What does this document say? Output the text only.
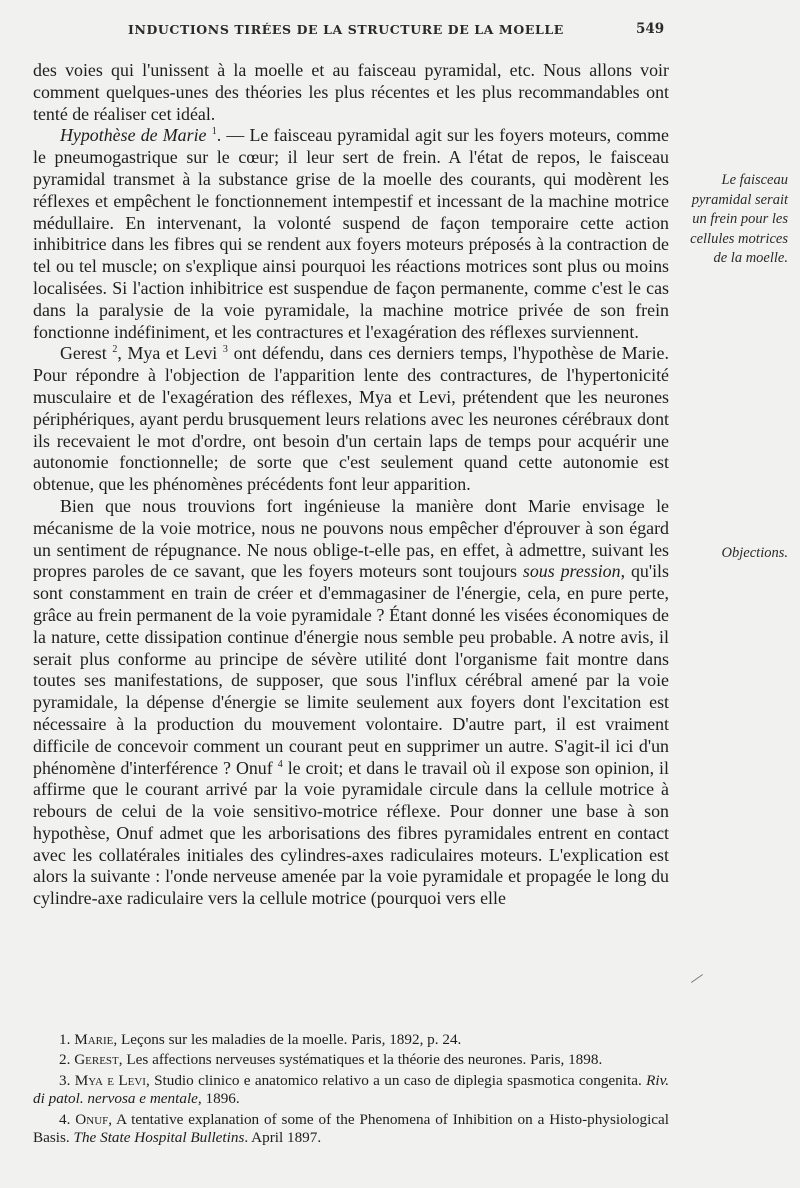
INDUCTIONS TIRÉES DE LA STRUCTURE DE LA MOELLE	549

des voies qui l'unissent à la moelle et au faisceau pyramidal, etc. Nous allons voir comment quelques-unes des théories les plus récentes et les plus recommandables ont tenté de réaliser cet idéal.

Hypothèse de Marie $^1$. — Le faisceau pyramidal agit sur les foyers moteurs, comme le pneumogastrique sur le cœur; il leur sert de frein. A l'état de repos, le faisceau pyramidal transmet à la substance grise de la moelle des courants, qui modèrent les réflexes et empêchent le fonctionnement intempestif et incessant de la machine motrice médullaire. En intervenant, la volonté suspend de façon temporaire cette action inhibitrice dans les fibres qui se rendent aux foyers moteurs préposés à la contraction de tel ou tel muscle; on s'explique ainsi pourquoi les réactions motrices sont plus ou moins localisées. Si l'action inhibitrice est suspendue de façon permanente, comme c'est le cas dans la paralysie de la voie pyramidale, la machine motrice privée de son frein fonctionne indéfiniment, et les contractures et l'exagération des réflexes surviennent.

Gerest $^2$, Mya et Levi $^3$ ont défendu, dans ces derniers temps, l'hypothèse de Marie. Pour répondre à l'objection de l'apparition lente des contractures, de l'hypertonicité musculaire et de l'exagération des réflexes, Mya et Levi, prétendent que les neurones périphériques, ayant perdu brusquement leurs relations avec les neurones cérébraux dont ils recevaient le mot d'ordre, ont besoin d'un certain laps de temps pour acquérir une autonomie fonctionnelle; de sorte que c'est seulement quand cette autonomie est obtenue, que les phénomènes précédents font leur apparition.

Bien que nous trouvions fort ingénieuse la manière dont Marie envisage le mécanisme de la voie motrice, nous ne pouvons nous empêcher d'éprouver à son égard un sentiment de répugnance. Ne nous oblige-t-elle pas, en effet, à admettre, suivant les propres paroles de ce savant, que les foyers moteurs sont toujours sous pression, qu'ils sont constamment en train de créer et d'emmagasiner de l'énergie, cela, en pure perte, grâce au frein permanent de la voie pyramidale ? Étant donné les visées économiques de la nature, cette dissipation continue d'énergie nous semble peu probable. A notre avis, il serait plus conforme au principe de sévère utilité dont l'organisme fait montre dans toutes ses manifestations, de supposer, que sous l'influx cérébral amené par la voie pyramidale, la dépense d'énergie se limite seulement aux foyers dont l'excitation est nécessaire à la production du mouvement volontaire. D'autre part, il est vraiment difficile de concevoir comment un courant peut en supprimer un autre. S'agit-il ici d'un phénomène d'interférence ? Onuf $^4$ le croit; et dans le travail où il expose son opinion, il affirme que le courant arrivé par la voie pyramidale circule dans la cellule motrice à rebours de celui de la voie sensitivo-motrice réflexe. Pour donner une base à son hypothèse, Onuf admet que les arborisations des fibres pyramidales entrent en contact avec les collatérales initiales des cylindres-axes radiculaires moteurs. L'explication est alors la suivante : l'onde nerveuse amenée par la voie pyramidale et propagée le long du cylindre-axe radiculaire vers la cellule motrice (pourquoi vers elle

Le faisceau pyramidal serait un frein pour les cellules motrices de la moelle.
Objections.

1. Marie, Leçons sur les maladies de la moelle. Paris, 1892, p. 24.

2. Gerest, Les affections nerveuses systématiques et la théorie des neurones. Paris, 1898.

3. Mya e Levi, Studio clinico e anatomico relativo a un caso de diplegia spasmotica congenita. Riv. di patol. nervosa e mentale, 1896.

4. Onuf, A tentative explanation of some of the Phenomena of Inhibition on a Histo-physiological Basis. The State Hospital Bulletins. April 1897.
